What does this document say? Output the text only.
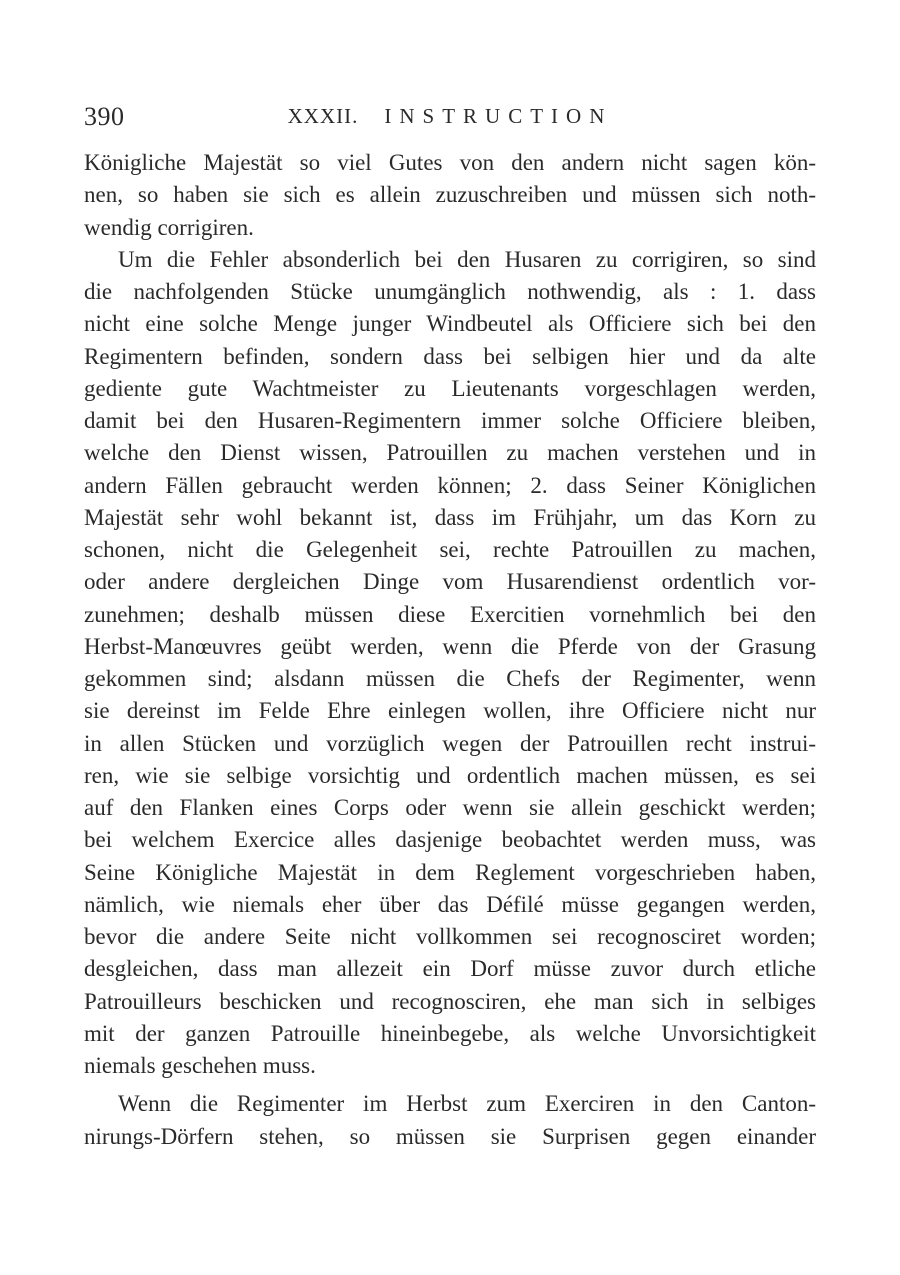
390	XXXII. INSTRUCTION
Königliche Majestät so viel Gutes von den andern nicht sagen kön-
nen, so haben sie sich es allein zuzuschreiben und müssen sich noth-
wendig corrigiren.
Um die Fehler absonderlich bei den Husaren zu corrigiren, so sind
die nachfolgenden Stücke unumgänglich nothwendig, als : 1. dass
nicht eine solche Menge junger Windbeutel als Officiere sich bei den
Regimentern befinden, sondern dass bei selbigen hier und da alte
gediente gute Wachtmeister zu Lieutenants vorgeschlagen werden,
damit bei den Husaren-Regimentern immer solche Officiere bleiben,
welche den Dienst wissen, Patrouillen zu machen verstehen und in
andern Fällen gebraucht werden können; 2. dass Seiner Königlichen
Majestät sehr wohl bekannt ist, dass im Frühjahr, um das Korn zu
schonen, nicht die Gelegenheit sei, rechte Patrouillen zu machen,
oder andere dergleichen Dinge vom Husarendienst ordentlich vor-
zunehmen; deshalb müssen diese Exercitien vornehmlich bei den
Herbst-Manœuvres geübt werden, wenn die Pferde von der Grasung
gekommen sind; alsdann müssen die Chefs der Regimenter, wenn
sie dereinst im Felde Ehre einlegen wollen, ihre Officiere nicht nur
in allen Stücken und vorzüglich wegen der Patrouillen recht instrui-
ren, wie sie selbige vorsichtig und ordentlich machen müssen, es sei
auf den Flanken eines Corps oder wenn sie allein geschickt werden;
bei welchem Exercice alles dasjenige beobachtet werden muss, was
Seine Königliche Majestät in dem Reglement vorgeschrieben haben,
nämlich, wie niemals eher über das Défilé müsse gegangen werden,
bevor die andere Seite nicht vollkommen sei recognosciret worden;
desgleichen, dass man allezeit ein Dorf müsse zuvor durch etliche
Patrouilleurs beschicken und recognosciren, ehe man sich in selbiges
mit der ganzen Patrouille hineinbegebe, als welche Unvorsichtigkeit
niemals geschehen muss.
Wenn die Regimenter im Herbst zum Exerciren in den Canton-
nirungs-Dörfern stehen, so müssen sie Surprisen gegen einander
